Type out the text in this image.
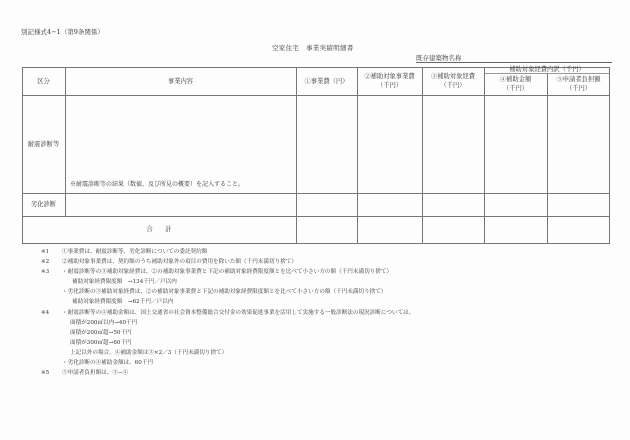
別記様式4−1（第9条関係）
空家住宅　事業実績明細書
既存建築物名称
区分	事業内容	①事業費（円）
②補助対象事業費
（千円）
③補助対象経費
（千円）
補助対象経費内訳（千円）
④補助金額
（千円）
⑤申請者負担額
（千円）
耐震診断等
※耐震診断等の結果（数値、及び所見の概要）を記入すること。
劣化診断
合　　計
※1 ①事業費は、耐震診断等、劣化診断についての委託契約額
※2 ②補助対象事業費は、契約額のうち補助対象外の項目の費用を除いた額（千円未満切り捨て）
※3 ・耐震診断等の③補助対象経費は、②の補助対象事業費と下記の補助対象経費限度額とを比べて小さい方の額（千円未満切り捨て）
補助対象経費限度額　→134千円／戸以内
・劣化診断の③補助対象経費は、②の補助対象事業費と下記の補助対象経費限度額とを比べて小さい方の額（千円未満切り捨て）
補助対象経費限度額　→62千円／戸以内
※4 ・耐震診断等の④補助金額は、国土交通省の社会資本整備総合交付金の効果促進事業を活用して実施する一般診断法の現況診断については、
面積が200㎡以内→40千円
面積が200㎡超→50千円
面積が300㎡超→60千円
上記以外の場合、④補助金額は③×2／3（千円未満切り捨て）
・劣化診断の④補助金額は、60千円
※5 ⑤申請者負担額は、③−④
